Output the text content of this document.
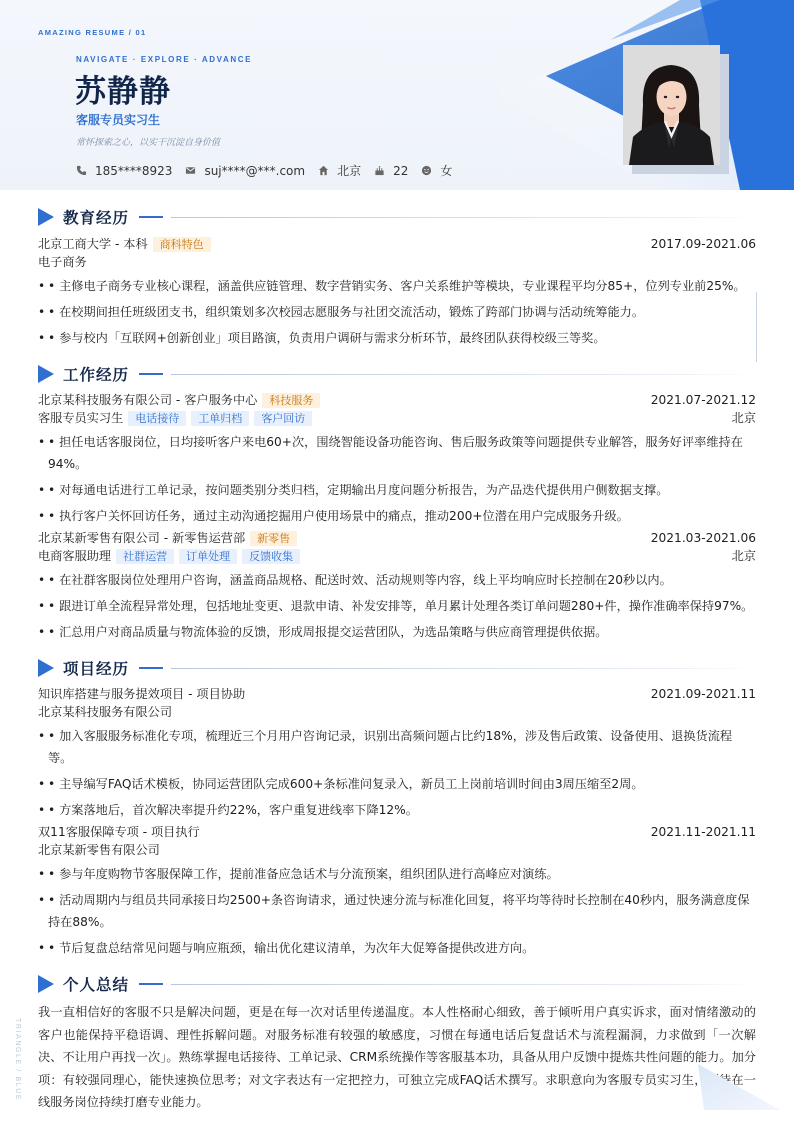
AMAZING RESUME / 01
NAVIGATE · EXPLORE · ADVANCE
苏静静
客服专员实习生
常怀探索之心，以实干沉淀自身价值
185****8923	suj****@***.com	北京	22	女
教育经历
北京工商大学 - 本科	商科特色	2017.09-2021.06
电子商务
• • 主修电子商务专业核心课程，涵盖供应链管理、数字营销实务、客户关系维护等模块，专业课程平均分85+，位列专业前25%。
• • 在校期间担任班级团支书，组织策划多次校园志愿服务与社团交流活动，锻炼了跨部门协调与活动统筹能力。
• • 参与校内「互联网+创新创业」项目路演，负责用户调研与需求分析环节，最终团队获得校级三等奖。
工作经历
北京某科技服务有限公司 - 客户服务中心	科技服务	2021.07-2021.12
客服专员实习生	电话接待	工单归档	客户回访	北京
• • 担任电话客服岗位，日均接听客户来电60+次，围绕智能设备功能咨询、售后服务政策等问题提供专业解答，服务好评率维持在94%。
• • 对每通电话进行工单记录，按问题类别分类归档，定期输出月度问题分析报告，为产品迭代提供用户侧数据支撑。
• • 执行客户关怀回访任务，通过主动沟通挖掘用户使用场景中的痛点，推动200+位潜在用户完成服务升级。
北京某新零售有限公司 - 新零售运营部	新零售	2021.03-2021.06
电商客服助理	社群运营	订单处理	反馈收集	北京
• • 在社群客服岗位处理用户咨询，涵盖商品规格、配送时效、活动规则等内容，线上平均响应时长控制在20秒以内。
• • 跟进订单全流程异常处理，包括地址变更、退款申请、补发安排等，单月累计处理各类订单问题280+件，操作准确率保持97%。
• • 汇总用户对商品质量与物流体验的反馈，形成周报提交运营团队，为选品策略与供应商管理提供依据。
项目经历
知识库搭建与服务提效项目 - 项目协助	2021.09-2021.11
北京某科技服务有限公司
• • 加入客服服务标准化专项，梳理近三个月用户咨询记录，识别出高频问题占比约18%，涉及售后政策、设备使用、退换货流程等。
• • 主导编写FAQ话术模板，协同运营团队完成600+条标准问复录入，新员工上岗前培训时间由3周压缩至2周。
• • 方案落地后，首次解决率提升约22%，客户重复进线率下降12%。
双11客服保障专项 - 项目执行	2021.11-2021.11
北京某新零售有限公司
• • 参与年度购物节客服保障工作，提前准备应急话术与分流预案，组织团队进行高峰应对演练。
• • 活动周期内与组员共同承接日均2500+条咨询请求，通过快速分流与标准化回复，将平均等待时长控制在40秒内，服务满意度保持在88%。
• • 节后复盘总结常见问题与响应瓶颈，输出优化建议清单，为次年大促筹备提供改进方向。
个人总结

我一直相信好的客服不只是解决问题，更是在每一次对话里传递温度。本人性格耐心细致，善于倾听用户真实诉求，面对情绪激动的客户也能保持平稳语调、理性拆解问题。对服务标准有较强的敏感度，习惯在每通电话后复盘话术与流程漏洞，力求做到「一次解决、不让用户再找一次」。熟练掌握电话接待、工单记录、CRM系统操作等客服基本功，具备从用户反馈中提炼共性问题的能力。加分项：有较强同理心，能快速换位思考；对文字表达有一定把控力，可独立完成FAQ话术撰写。求职意向为客服专员实习生，期待在一线服务岗位持续打磨专业能力。

TRIANGLE / BLUE
